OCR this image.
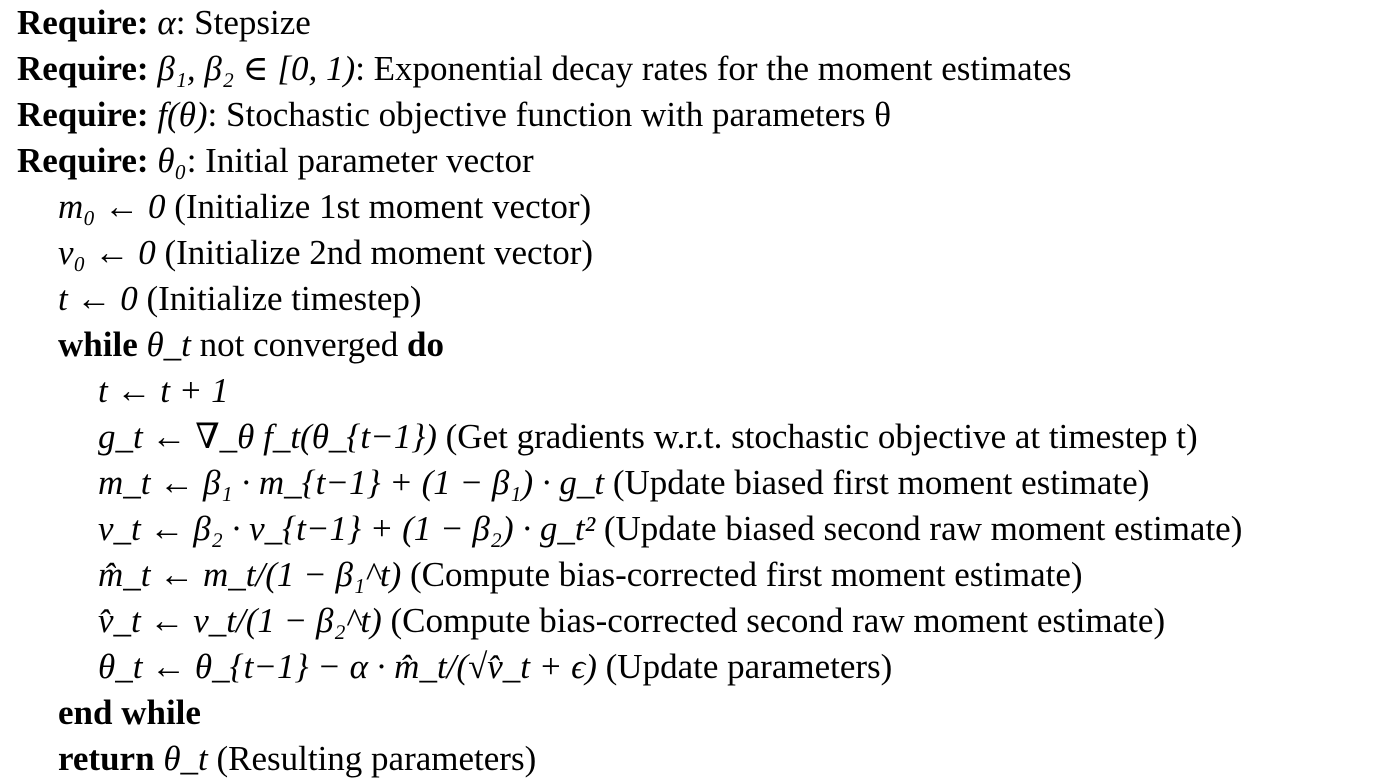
Require: α: Stepsize
Require: β₁, β₂ ∈ [0, 1): Exponential decay rates for the moment estimates
Require: f(θ): Stochastic objective function with parameters θ
Require: θ₀: Initial parameter vector
m₀ ← 0 (Initialize 1st moment vector)
v₀ ← 0 (Initialize 2nd moment vector)
t ← 0 (Initialize timestep)
while θ_t not converged do
t ← t + 1
g_t ← ∇_θ f_t(θ_{t−1}) (Get gradients w.r.t. stochastic objective at timestep t)
m_t ← β₁ · m_{t−1} + (1 − β₁) · g_t (Update biased first moment estimate)
v_t ← β₂ · v_{t−1} + (1 − β₂) · g_t² (Update biased second raw moment estimate)
m̂_t ← m_t/(1 − β₁^t) (Compute bias-corrected first moment estimate)
v̂_t ← v_t/(1 − β₂^t) (Compute bias-corrected second raw moment estimate)
θ_t ← θ_{t−1} − α · m̂_t/(√v̂_t + ϵ) (Update parameters)
end while
return θ_t (Resulting parameters)
